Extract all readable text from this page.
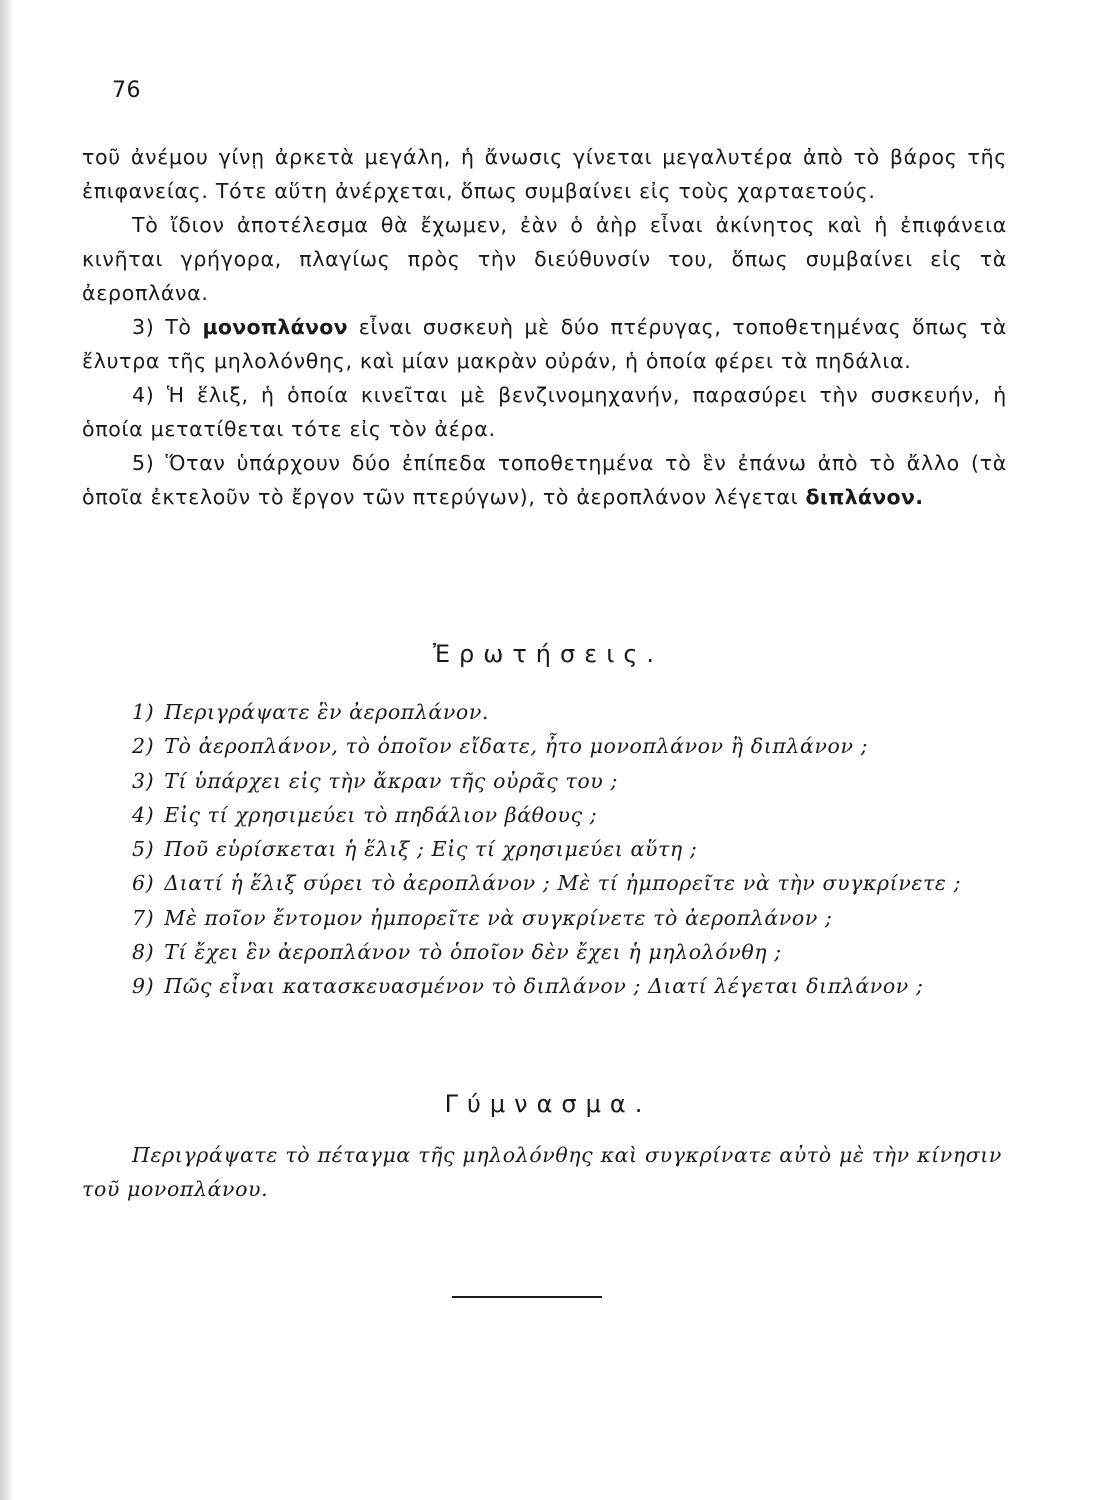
76

τοῦ ἀνέμου γίνῃ ἀρκετὰ μεγάλη, ἡ ἄνωσις γίνεται μεγαλυτέρα ἀπὸ τὸ βάρος τῆς ἐπιφανείας. Τότε αὕτη ἀνέρχεται, ὅπως συμβαίνει εἰς τοὺς χαρταετούς.

Τὸ ἴδιον ἀποτέλεσμα θὰ ἔχωμεν, ἐὰν ὁ ἀὴρ εἶναι ἀκίνητος καὶ ἡ ἐπιφάνεια κινῆται γρήγορα, πλαγίως πρὸς τὴν διεύθυνσίν του, ὅπως συμβαίνει εἰς τὰ ἀεροπλάνα.

3) Τὸ μονοπλάνον εἶναι συσκευὴ μὲ δύο πτέρυγας, τοποθετημένας ὅπως τὰ ἔλυτρα τῆς μηλολόνθης, καὶ μίαν μακρὰν οὐράν, ἡ ὁποία φέρει τὰ πηδάλια.

4) Ἡ ἕλιξ, ἡ ὁποία κινεῖται μὲ βενζινομηχανήν, παρασύρει τὴν συσκευήν, ἡ ὁποία μετατίθεται τότε εἰς τὸν ἀέρα.

5) Ὅταν ὑπάρχουν δύο ἐπίπεδα τοποθετημένα τὸ ἓν ἐπάνω ἀπὸ τὸ ἄλλο (τὰ ὁποῖα ἐκτελοῦν τὸ ἔργον τῶν πτερύγων), τὸ ἀεροπλάνον λέγεται διπλάνον.

Ἐρωτήσεις.

1) Περιγράψατε ἓν ἀεροπλάνον.

2) Τὸ ἀεροπλάνον, τὸ ὁποῖον εἴδατε, ἦτο μονοπλάνον ἢ διπλάνον ;

3) Τί ὑπάρχει εἰς τὴν ἄκραν τῆς οὐρᾶς του ;

4) Εἰς τί χρησιμεύει τὸ πηδάλιον βάθους ;

5) Ποῦ εὑρίσκεται ἡ ἕλιξ ; Εἰς τί χρησιμεύει αὕτη ;

6) Διατί ἡ ἕλιξ σύρει τὸ ἀεροπλάνον ; Μὲ τί ἠμπορεῖτε νὰ τὴν συγκρίνετε ;

7) Μὲ ποῖον ἔντομον ἠμπορεῖτε νὰ συγκρίνετε τὸ ἀεροπλάνον ;

8) Τί ἔχει ἓν ἀεροπλάνον τὸ ὁποῖον δὲν ἔχει ἡ μηλολόνθη ;

9) Πῶς εἶναι κατασκευασμένον τὸ διπλάνον ; Διατί λέγεται διπλάνον ;

Γύμνασμα.

Περιγράψατε τὸ πέταγμα τῆς μηλολόνθης καὶ συγκρίνατε αὐτὸ μὲ τὴν κίνησιν τοῦ μονοπλάνου.
